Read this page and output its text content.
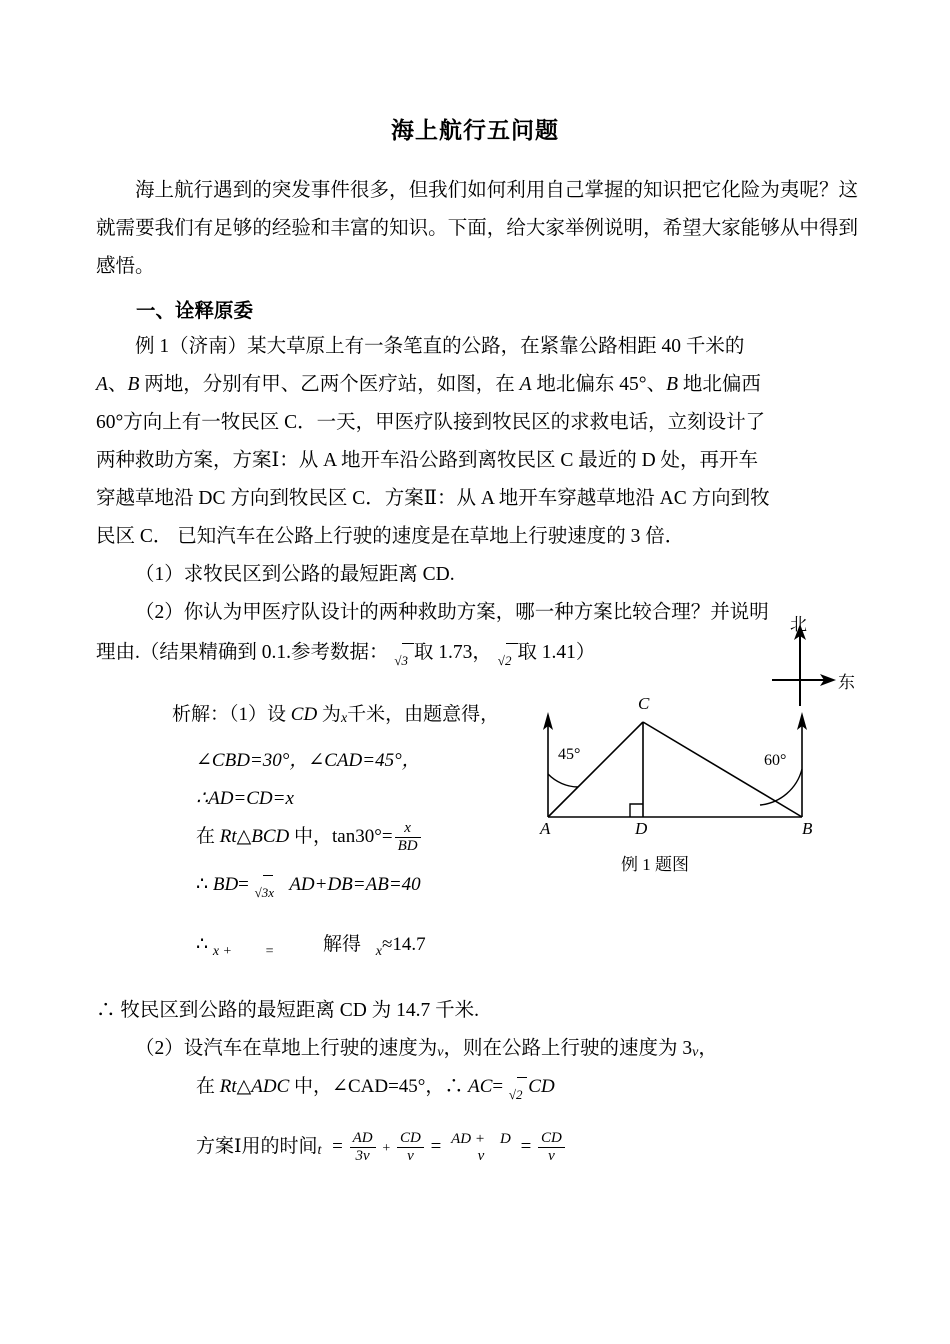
海上航行五问题
海上航行遇到的突发事件很多，但我们如何利用自己掌握的知识把它化险为夷呢？这就需要我们有足够的经验和丰富的知识。下面，给大家举例说明，希望大家能够从中得到感悟。
一、诠释原委
例 1（济南）某大草原上有一条笔直的公路，在紧靠公路相距 40 千米的
A、B 两地，分别有甲、乙两个医疗站，如图，在 A 地北偏东 45°、B 地北偏西
60°方向上有一牧民区 C．一天，甲医疗队接到牧民区的求救电话，立刻设计了
两种救助方案，方案Ⅰ：从 A 地开车沿公路到离牧民区 C 最近的 D 处，再开车
穿越草地沿 DC 方向到牧民区 C．方案Ⅱ：从 A 地开车穿越草地沿 AC 方向到牧
民区 C． 已知汽车在公路上行驶的速度是在草地上行驶速度的 3 倍．
（1）求牧民区到公路的最短距离 CD.
（2）你认为甲医疗队设计的两种救助方案，哪一种方案比较合理？并说明
理由.（结果精确到 0.1.参考数据： √
3 取 1.73， √
2 取 1.41）
析解：（1）设 CD 为x千米，由题意得，
∠CBD=30°，∠CAD=45°，
∴AD=CD=x
在 Rt△BCD 中，$\tan 30^\circ= \frac{x}{BD}$
∴ BD= √
3x AD+DB=AB=40
∴ $_{x +}$ $_=$	解得 $_x$≈14.7
∴ 牧民区到公路的最短距离 CD 为 14.7 千米.
（2）设汽车在草地上行驶的速度为v，则在公路上行驶的速度为 3v，
在 Rt△ADC 中，∠CAD=45°，∴ AC= √
2 CD
方案Ⅰ用的时间$t = \frac{AD}{3v} + \frac{CD}{v}$ = AD + D
v	= $\frac{CD}{v}$
北
东
A	D	B
C
45°	60°
例 1 题图
